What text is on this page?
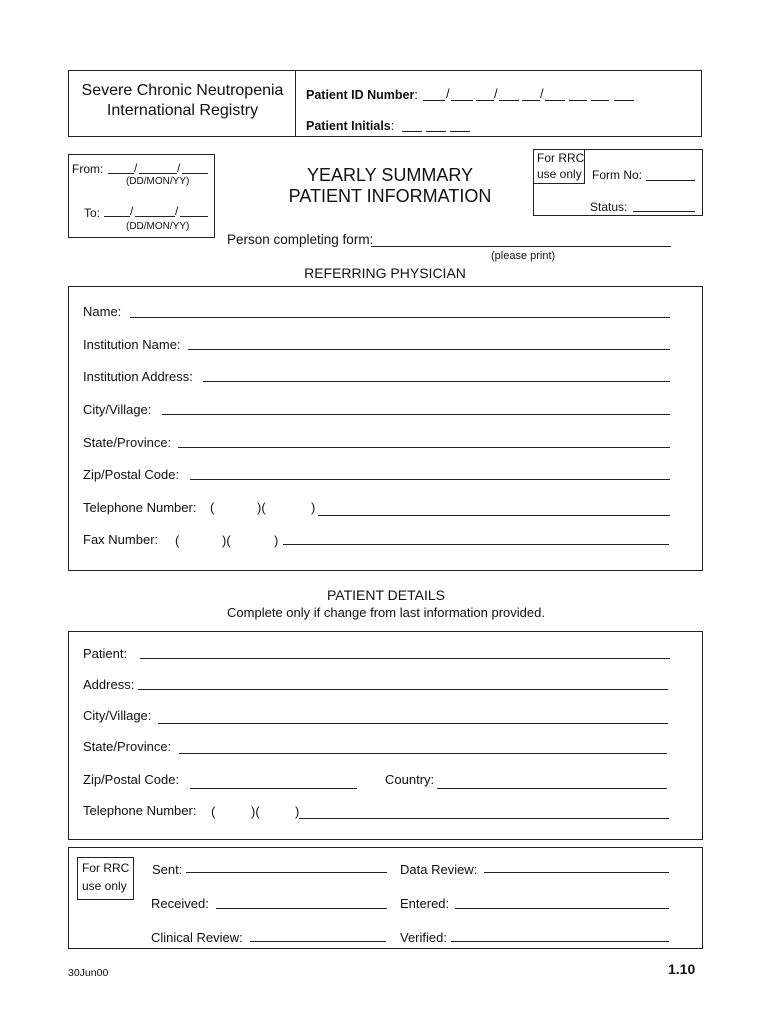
Severe Chronic Neutropenia
International Registry
Patient ID Number: /	/	/
Patient Initials:
From:	/	/
(DD/MON/YY)
To: /	/
(DD/MON/YY)
YEARLY SUMMARY
PATIENT INFORMATION
For RRC
use only Form No:
Status:
Person completing form:
(please print)
REFERRING PHYSICIAN
Name:
Institution Name:
Institution Address:
City/Village:
State/Province:
Zip/Postal Code:
Telephone Number: (	)(	)
Fax Number: (	)(	)
PATIENT DETAILS
Complete only if change from last information provided.
Patient:
Address:
City/Village:
State/Province:
Zip/Postal Code:	Country:
Telephone Number: (	)(	)
For RRC
use only
Sent:	Data Review:
Received:	Entered:
Clinical Review:	Verified:
30Jun00	1.10
